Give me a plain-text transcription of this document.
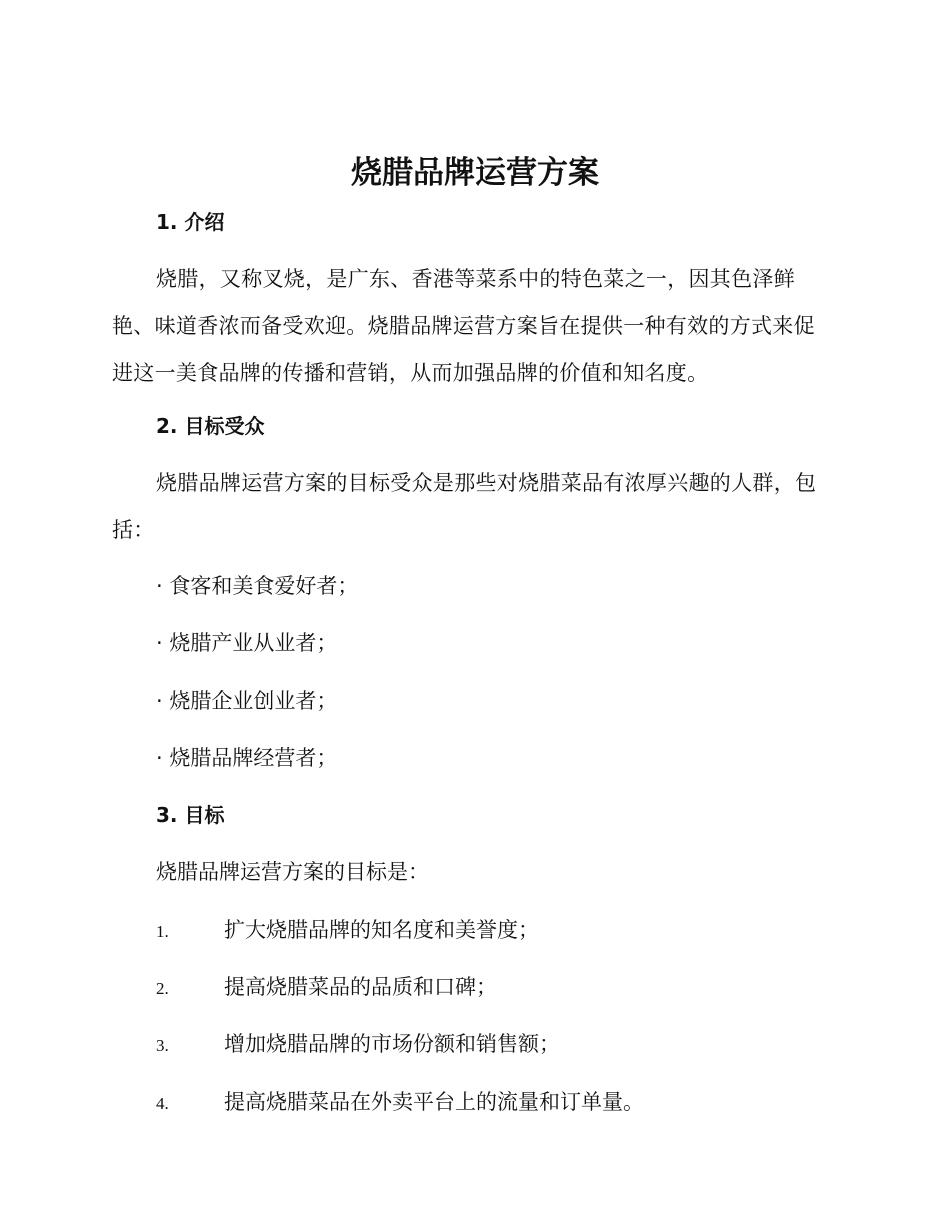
烧腊品牌运营方案
1. 介绍

烧腊，又称叉烧，是广东、香港等菜系中的特色菜之一，因其色泽鲜艳、味道香浓而备受欢迎。烧腊品牌运营方案旨在提供一种有效的方式来促进这一美食品牌的传播和营销，从而加强品牌的价值和知名度。

2. 目标受众

烧腊品牌运营方案的目标受众是那些对烧腊菜品有浓厚兴趣的人群，包括：

· 食客和美食爱好者；
· 烧腊产业从业者；
· 烧腊企业创业者；
· 烧腊品牌经营者；
3. 目标
烧腊品牌运营方案的目标是：
1.	扩大烧腊品牌的知名度和美誉度；
2.	提高烧腊菜品的品质和口碑；
3.	增加烧腊品牌的市场份额和销售额；
4.	提高烧腊菜品在外卖平台上的流量和订单量。
